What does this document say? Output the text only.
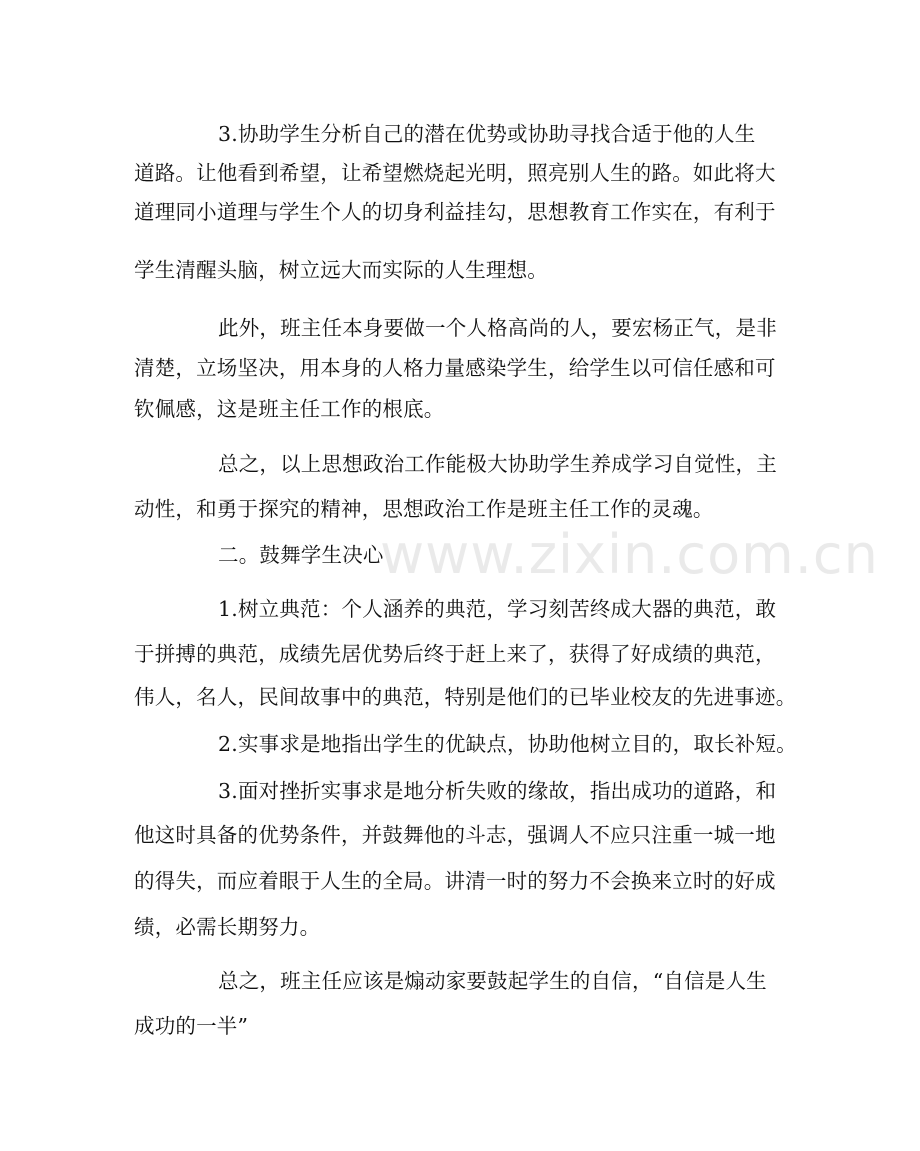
www.zixin.com.cn
3.协助学生分析自己的潜在优势或协助寻找合适于他的人生
道路。让他看到希望，让希望燃烧起光明，照亮别人生的路。如此将大
道理同小道理与学生个人的切身利益挂勾，思想教育工作实在，有利于
学生清醒头脑，树立远大而实际的人生理想。
此外，班主任本身要做一个人格高尚的人，要宏杨正气，是非
清楚，立场坚决，用本身的人格力量感染学生，给学生以可信任感和可
钦佩感，这是班主任工作的根底。
总之，以上思想政治工作能极大协助学生养成学习自觉性，主
动性，和勇于探究的精神，思想政治工作是班主任工作的灵魂。
二。鼓舞学生决心
1.树立典范：个人涵养的典范，学习刻苦终成大器的典范，敢
于拼搏的典范，成绩先居优势后终于赶上来了，获得了好成绩的典范，
伟人，名人，民间故事中的典范，特别是他们的已毕业校友的先进事迹。
2.实事求是地指出学生的优缺点，协助他树立目的，取长补短。
3.面对挫折实事求是地分析失败的缘故，指出成功的道路，和
他这时具备的优势条件，并鼓舞他的斗志，强调人不应只注重一城一地
的得失，而应着眼于人生的全局。讲清一时的努力不会换来立时的好成
绩，必需长期努力。
总之，班主任应该是煽动家要鼓起学生的自信，“自信是人生
成功的一半”
